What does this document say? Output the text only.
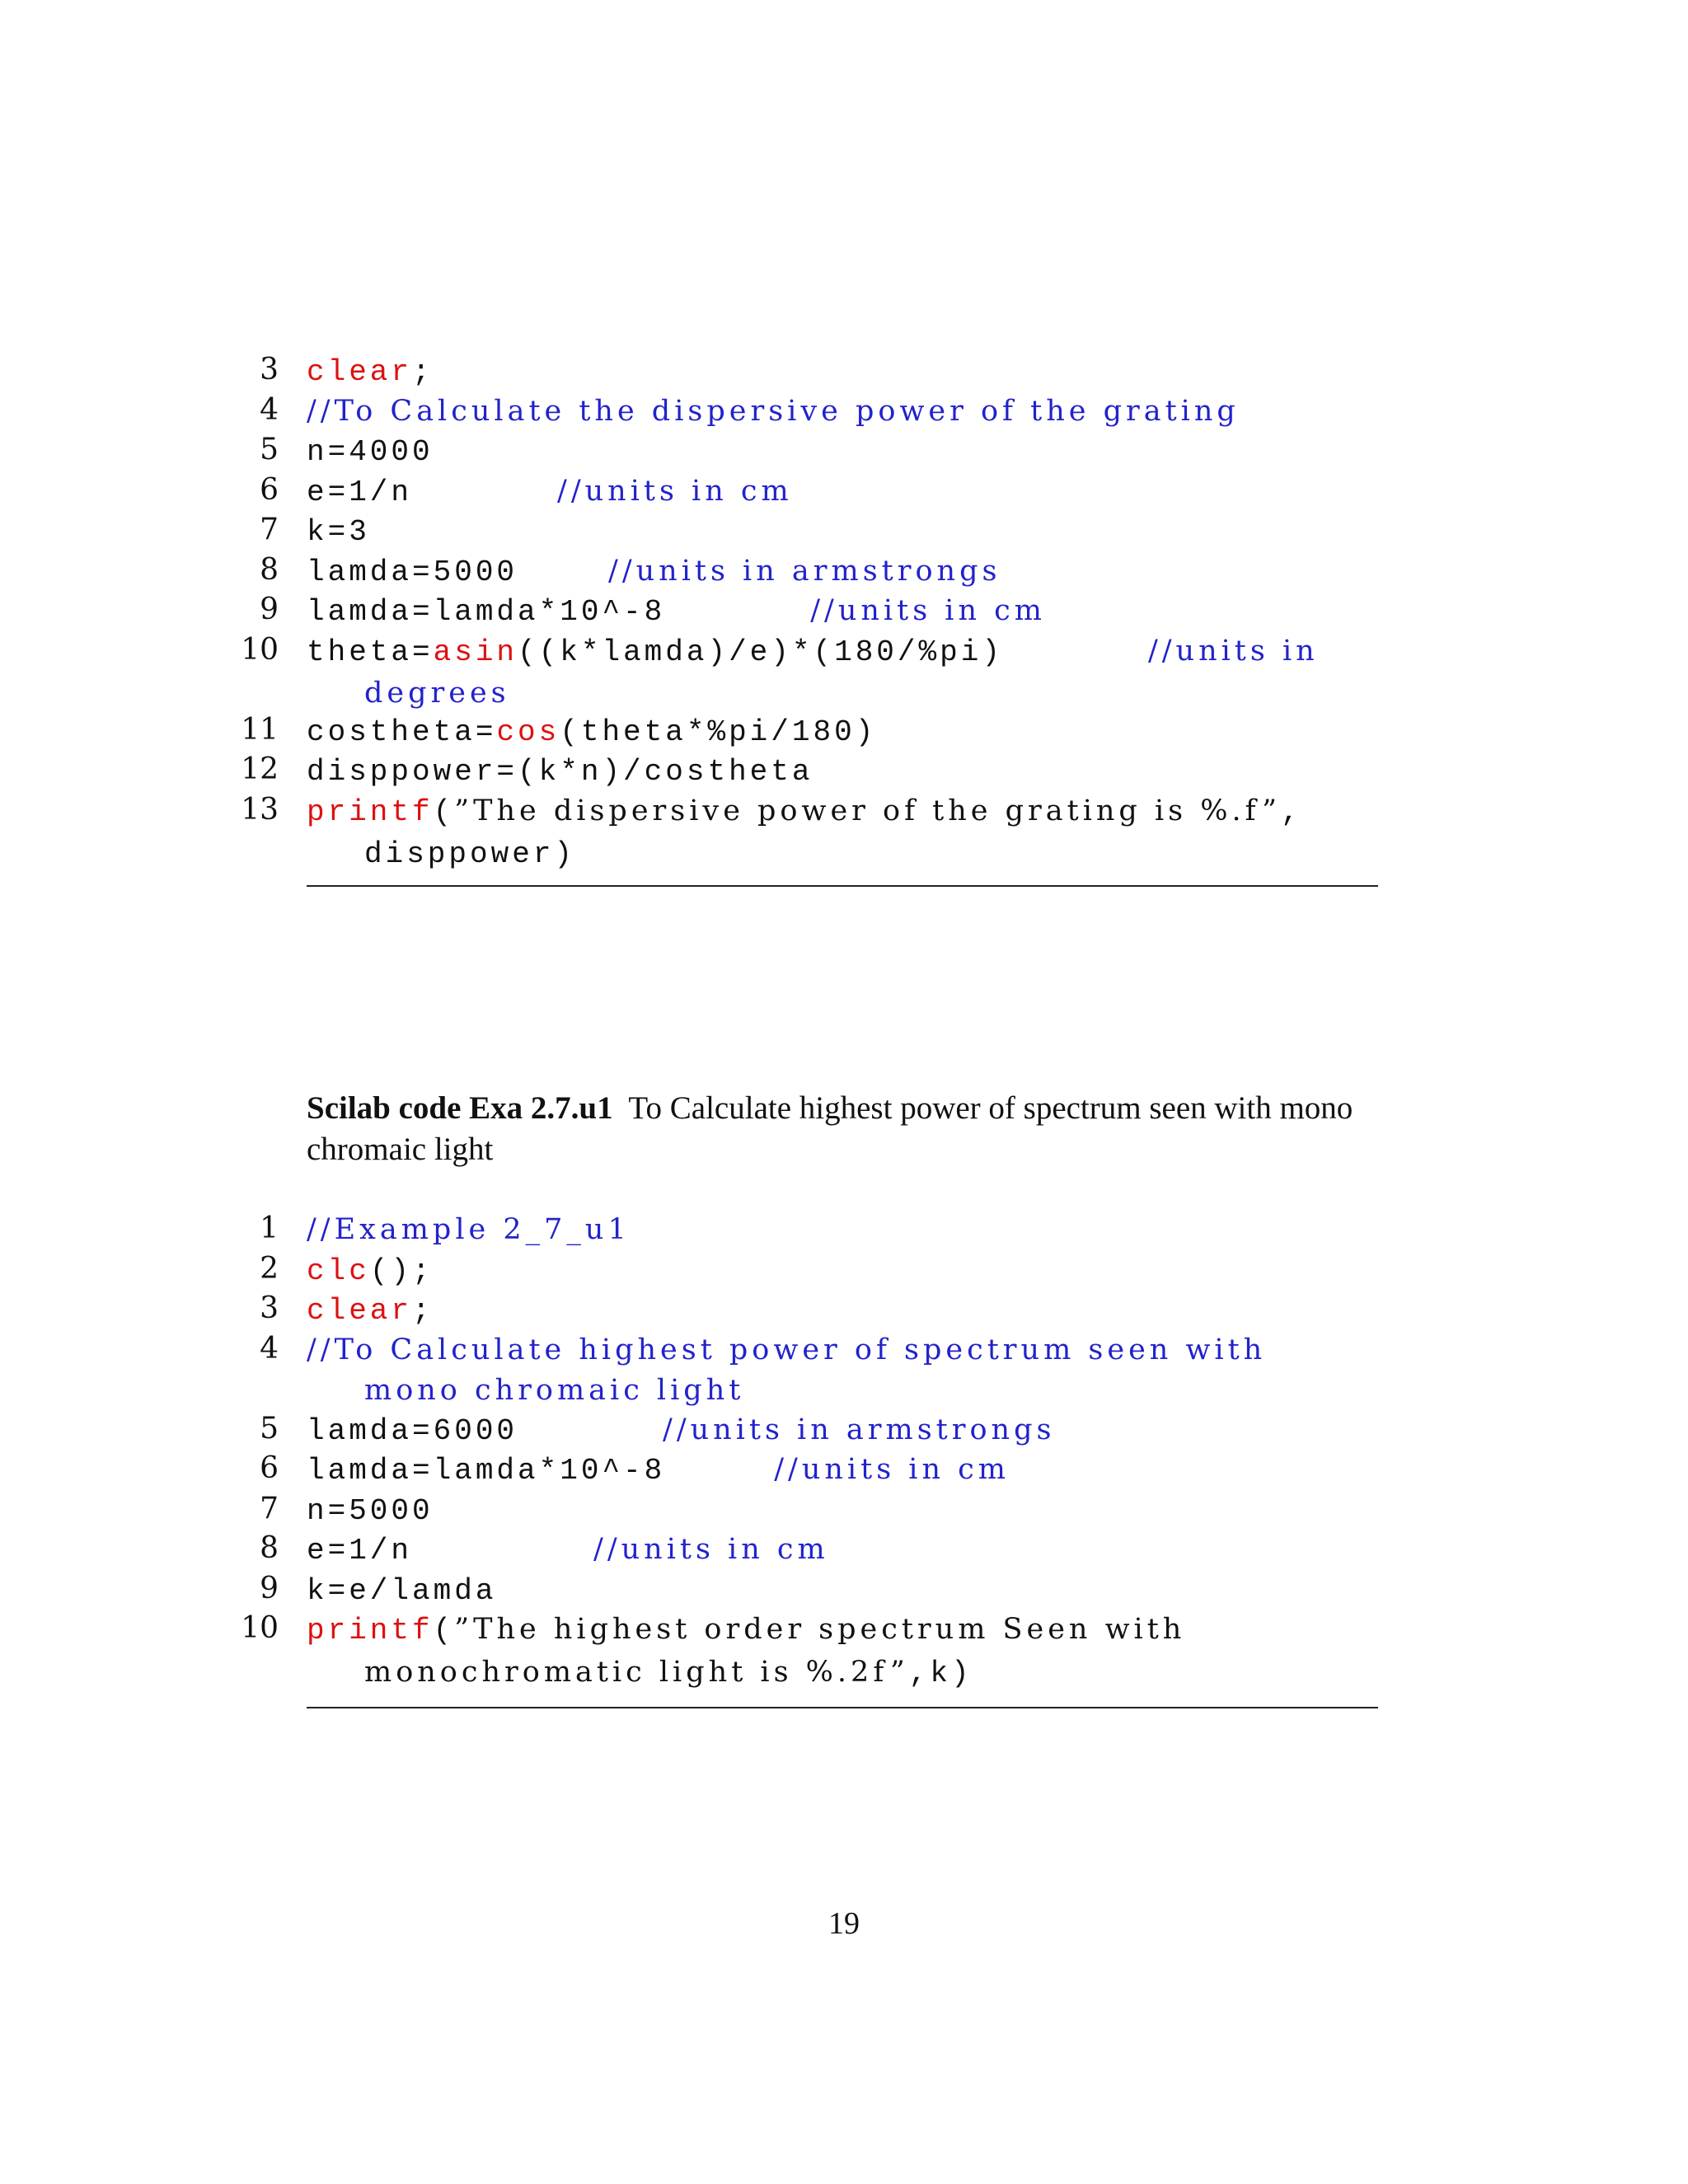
3 clear;
4 //To Calculate the dispersive power of the grating
5 n=4000
6 e=1/n	//units in cm
7 k=3
8 lamda=5000	//units in armstrongs
9 lamda=lamda*10^-8	//units in cm
10 theta=asin((k*lamda)/e)*(180/%pi)	//units in
degrees
11 costheta=cos(theta*%pi/180)
12 disppower=(k*n)/costheta
13 printf(”The dispersive power of the grating is %.f”,
disppower)
Scilab code Exa 2.7.u1 To Calculate highest power of spectrum seen with mono chromaic light
1 //Example 2_7_u1
2 clc();
3 clear;
4 //To Calculate highest power of spectrum seen with
mono chromaic light
5 lamda=6000	//units in armstrongs
6 lamda=lamda*10^-8	//units in cm
7 n=5000
8 e=1/n	//units in cm
9 k=e/lamda
10 printf(”The highest order spectrum Seen with
monochromatic light is %.2f”,k)
19
